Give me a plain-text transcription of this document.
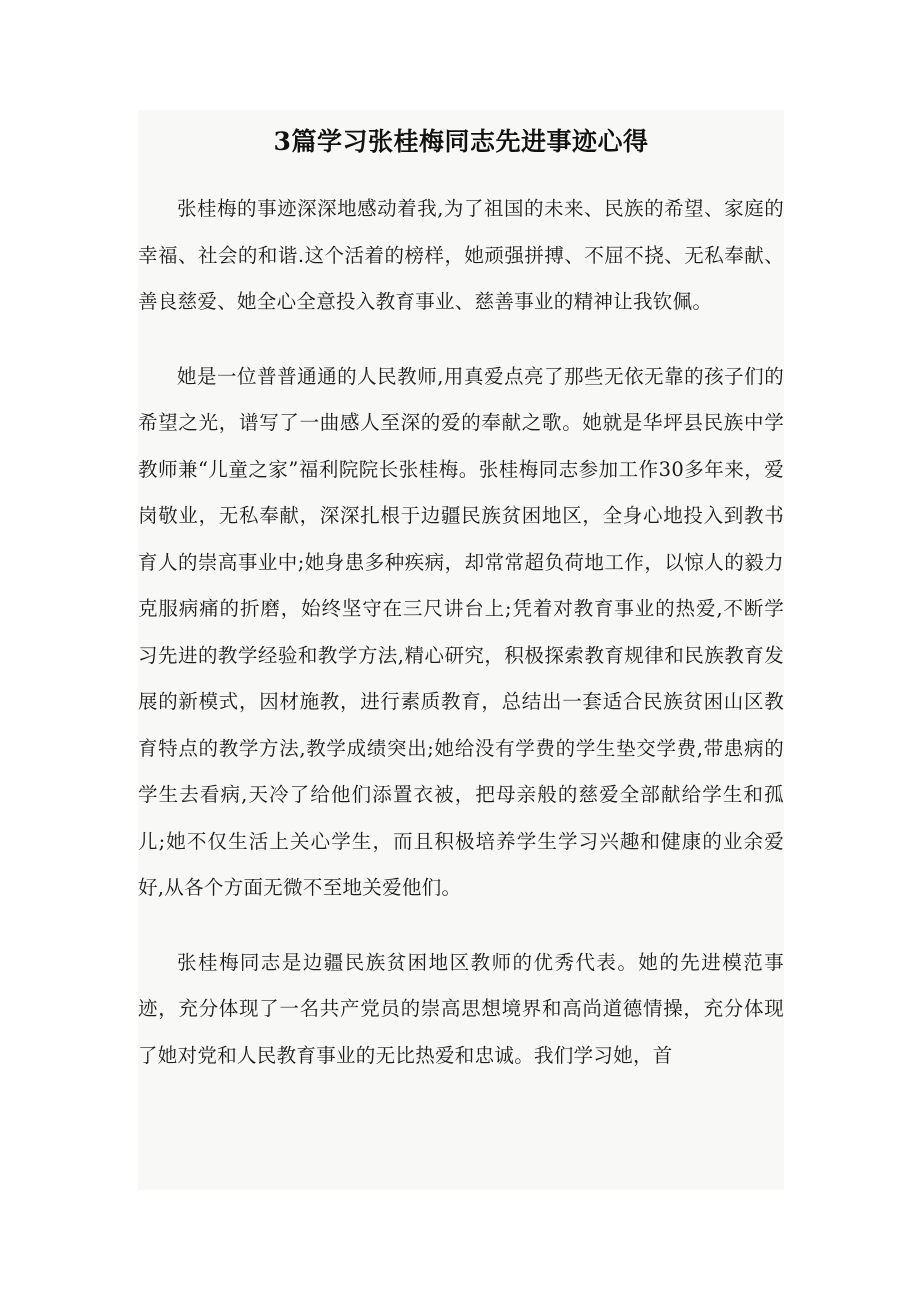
3篇学习张桂梅同志先进事迹心得

张桂梅的事迹深深地感动着我,为了祖国的未来、民族的希望、家庭的幸福、社会的和谐.这个活着的榜样，她顽强拼搏、不屈不挠、无私奉献、善良慈爱、她全心全意投入教育事业、慈善事业的精神让我钦佩。

她是一位普普通通的人民教师,用真爱点亮了那些无依无靠的孩子们的希望之光，谱写了一曲感人至深的爱的奉献之歌。她就是华坪县民族中学教师兼“儿童之家”福利院院长张桂梅。张桂梅同志参加工作30多年来，爱岗敬业，无私奉献，深深扎根于边疆民族贫困地区，全身心地投入到教书育人的崇高事业中;她身患多种疾病，却常常超负荷地工作，以惊人的毅力克服病痛的折磨，始终坚守在三尺讲台上;凭着对教育事业的热爱,不断学习先进的教学经验和教学方法,精心研究，积极探索教育规律和民族教育发展的新模式，因材施教，进行素质教育，总结出一套适合民族贫困山区教育特点的教学方法,教学成绩突出;她给没有学费的学生垫交学费,带患病的学生去看病,天冷了给他们添置衣被，把母亲般的慈爱全部献给学生和孤儿;她不仅生活上关心学生，而且积极培养学生学习兴趣和健康的业余爱好,从各个方面无微不至地关爱他们。

张桂梅同志是边疆民族贫困地区教师的优秀代表。她的先进模范事迹，充分体现了一名共产党员的崇高思想境界和高尚道德情操，充分体现了她对党和人民教育事业的无比热爱和忠诚。我们学习她，首
